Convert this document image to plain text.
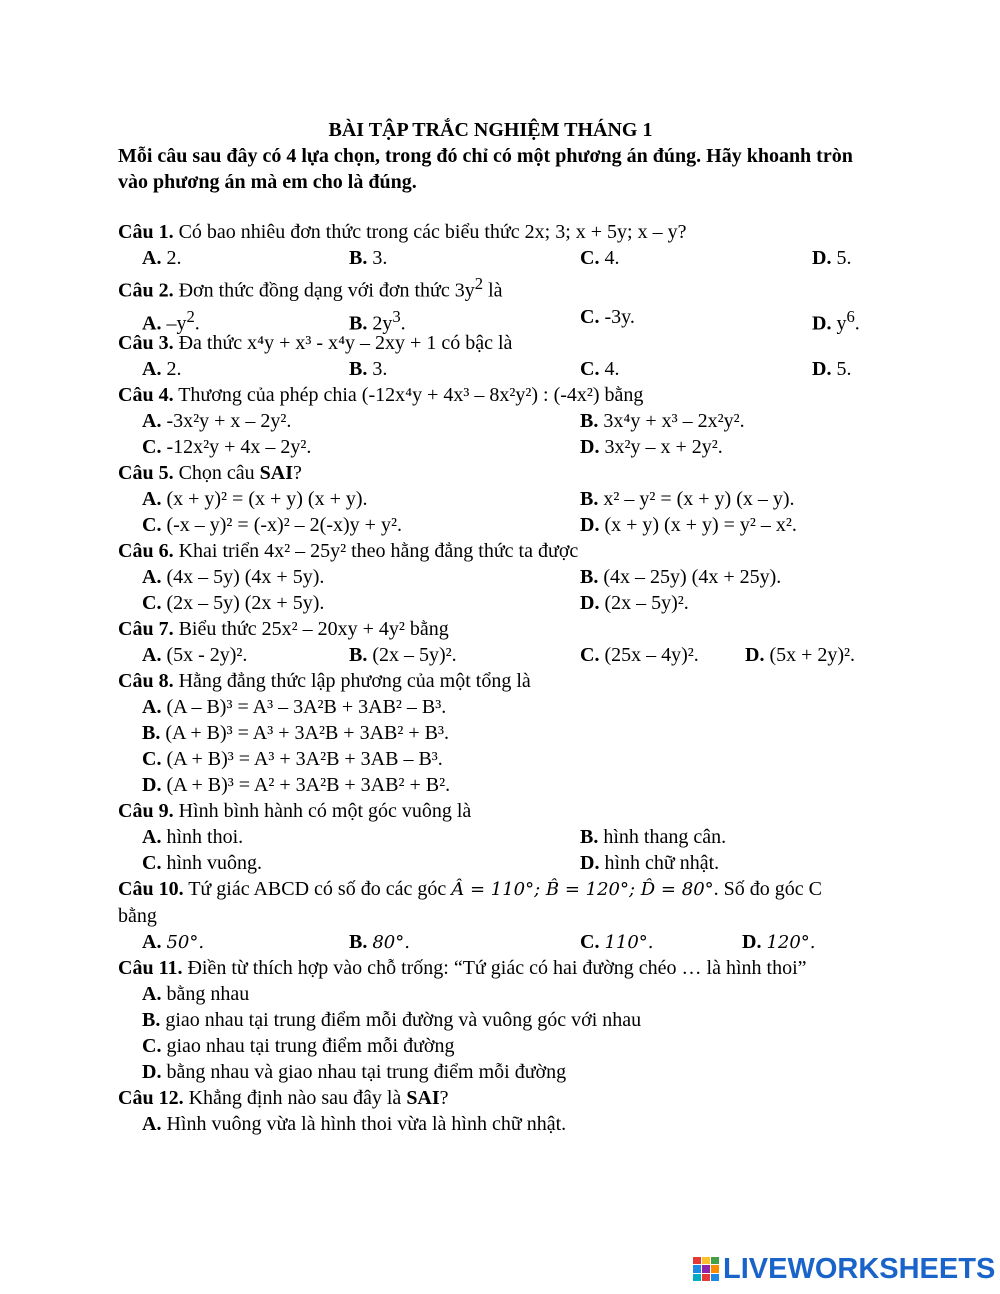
BÀI TẬP TRẮC NGHIỆM THÁNG 1

Mỗi câu sau đây có 4 lựa chọn, trong đó chỉ có một phương án đúng. Hãy khoanh tròn vào phương án mà em cho là đúng.

Câu 1. Có bao nhiêu đơn thức trong các biểu thức 2x; 3; x + 5y; x – y?

A. 2.	B. 3.	C. 4.	D. 5.

Câu 2. Đơn thức đồng dạng với đơn thức $3y^2$ là

A. $-y^2$.	B. $2y^3$.	C. -3y.	D. $y^6$.

Câu 3. Đa thức x⁴y + x³ - x⁴y – 2xy + 1 có bậc là

A. 2.	B. 3.	C. 4.	D. 5.

Câu 4. Thương của phép chia (-12x⁴y + 4x³ – 8x²y²) : (-4x²) bằng

A. -3x²y + x – 2y².	B. 3x⁴y + x³ – 2x²y².
C. -12x²y + 4x – 2y².	D. 3x²y – x + 2y².

Câu 5. Chọn câu SAI?

A. (x + y)² = (x + y) (x + y).	B. x² – y² = (x + y) (x – y).
C. (-x – y)² = (-x)² – 2(-x)y + y².	D. (x + y) (x + y) = y² – x².

Câu 6. Khai triển 4x² – 25y² theo hằng đẳng thức ta được

A. (4x – 5y) (4x + 5y).	B. (4x – 25y) (4x + 25y).
C. (2x – 5y) (2x + 5y).	D. (2x – 5y)².

Câu 7. Biểu thức 25x² – 20xy + 4y² bằng

A. (5x - 2y)².	B. (2x – 5y)².	C. (25x – 4y)². D. (5x + 2y)².

Câu 8. Hằng đẳng thức lập phương của một tổng là

A. (A – B)³ = A³ – 3A²B + 3AB² – B³.
B. (A + B)³ = A³ + 3A²B + 3AB² + B³.
C. (A + B)³ = A³ + 3A²B + 3AB – B³.
D. (A + B)³ = A² + 3A²B + 3AB² + B².

Câu 9. Hình bình hành có một góc vuông là

A. hình thoi.	B. hình thang cân.
C. hình vuông.	D. hình chữ nhật.

Câu 10. Tứ giác ABCD có số đo các góc Â = 110°; B̂ = 120°; D̂ = 80°. Số đo góc C bằng

A. 50°.	B. 80°.	C. 110°.	D. 120°.

Câu 11. Điền từ thích hợp vào chỗ trống: “Tứ giác có hai đường chéo … là hình thoi”

A. bằng nhau
B. giao nhau tại trung điểm mỗi đường và vuông góc với nhau
C. giao nhau tại trung điểm mỗi đường
D. bằng nhau và giao nhau tại trung điểm mỗi đường

Câu 12. Khẳng định nào sau đây là SAI?

A. Hình vuông vừa là hình thoi vừa là hình chữ nhật.
LIVEWORKSHEETS
